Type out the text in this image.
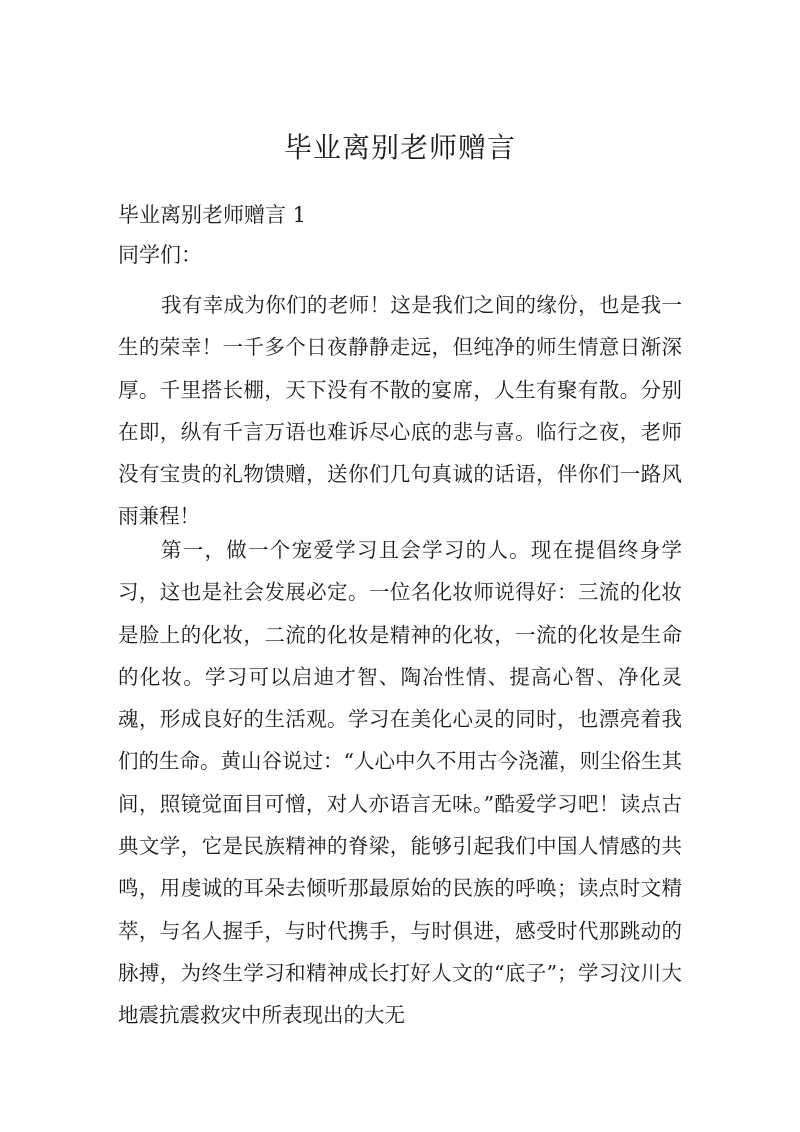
毕业离别老师赠言

毕业离别老师赠言 1

同学们：

我有幸成为你们的老师！这是我们之间的缘份，也是我一生的荣幸！一千多个日夜静静走远，但纯净的师生情意日渐深厚。千里搭长棚，天下没有不散的宴席，人生有聚有散。分别在即，纵有千言万语也难诉尽心底的悲与喜。临行之夜，老师没有宝贵的礼物馈赠，送你们几句真诚的话语，伴你们一路风雨兼程！

第一，做一个宠爱学习且会学习的人。现在提倡终身学习，这也是社会发展必定。一位名化妆师说得好：三流的化妆是脸上的化妆，二流的化妆是精神的化妆，一流的化妆是生命的化妆。学习可以启迪才智、陶冶性情、提高心智、净化灵魂，形成良好的生活观。学习在美化心灵的同时，也漂亮着我们的生命。黄山谷说过：“人心中久不用古今浇灌，则尘俗生其间，照镜觉面目可憎，对人亦语言无味。”酷爱学习吧！读点古典文学，它是民族精神的脊梁，能够引起我们中国人情感的共鸣，用虔诚的耳朵去倾听那最原始的民族的呼唤；读点时文精萃，与名人握手，与时代携手，与时俱进，感受时代那跳动的脉搏，为终生学习和精神成长打好人文的“底子”；学习汶川大地震抗震救灾中所表现出的大无
